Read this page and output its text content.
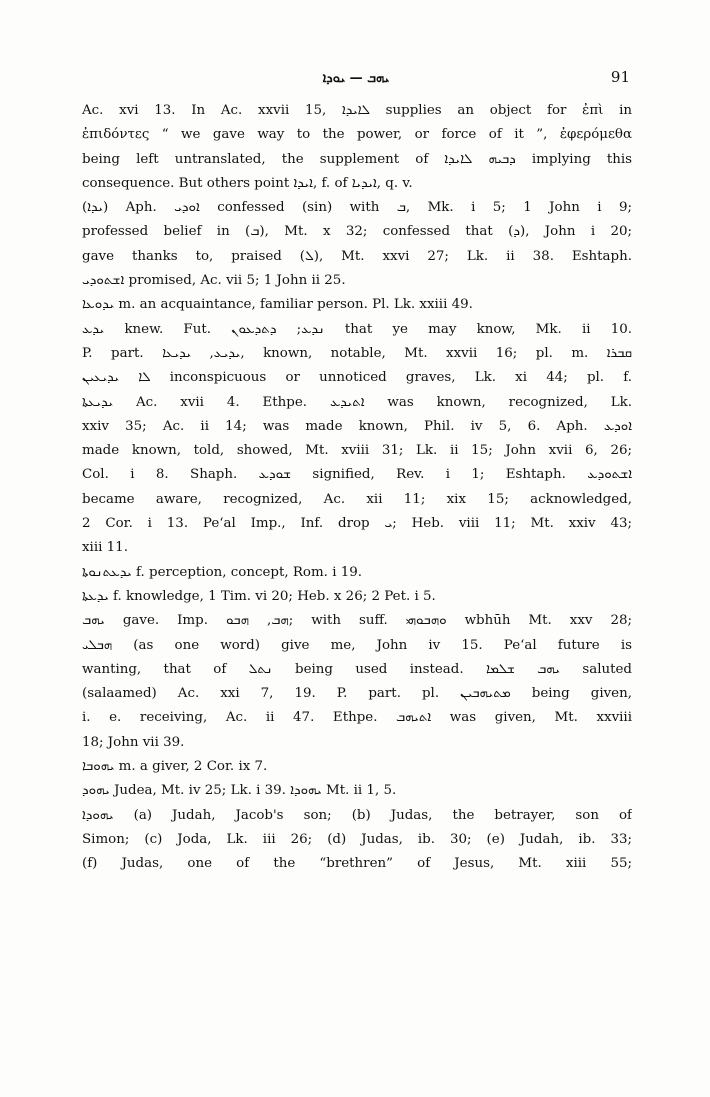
ܝܗܒ — ܝܘܕܐ	91
Ac. xvi 13. In Ac. xxvii 15, ܠܐܝܕܐ supplies an object for ἐπὶ in
ἐπιδόντες “ we gave way to the power, or force of it ”, ἐφερόμεθα
being left untranslated, the supplement of ܕܒܝܗ ܠܐܝܕܐ implying this
consequence. But others point ܐܝܕܐ, f. of ܐܝܕܝܐ, q. v.
(ܝܕܐ) Aph. ܐܘܕܝ confessed (sin) with ܒ, Mk. i 5; 1 John i 9;
professed belief in (ܒ), Mt. x 32; confessed that (ܕ), John i 20;
gave thanks to, praised (ܠ), Mt. xxvi 27; Lk. ii 38. Eshtaph.
ܐܫܬܘܕܝ promised, Ac. vii 5; 1 John ii 25.
ܝܕܘܥܐ m. an acquaintance, familiar person. Pl. Lk. xxiii 49.
ܝܕܥ knew. Fut. ܢܕܥ; ܕܬܕܥܘܢ that ye may know, Mk. ii 10.
P. part. ܝܕܝܥ, ܝܕܝܥܐ, known, notable, Mt. xxvii 16; pl. m. ܩܒܪܐ
ܠܐ ܝܕܝܥܝܢ inconspicuous or unnoticed graves, Lk. xi 44; pl. f.
ܝܕܝܥܬܐ Ac. xvii 4. Ethpe. ܐܬܝܕܥ was known, recognized, Lk.
xxiv 35; Ac. ii 14; was made known, Phil. iv 5, 6. Aph. ܐܘܕܥ
made known, told, showed, Mt. xviii 31; Lk. ii 15; John xvii 6, 26;
Col. i 8. Shaph. ܫܘܕܥ signified, Rev. i 1; Eshtaph. ܐܫܬܘܕܥ
became aware, recognized, Ac. xii 11; xix 15; acknowledged,
2 Cor. i 13. Pe‘al Imp., Inf. drop ܝ; Heb. viii 11; Mt. xxiv 43;
xiii 11.
ܝܕܥܬܢܘܬܐ f. perception, concept, Rom. i 19.
ܝܕܥܬܐ f. knowledge, 1 Tim. vi 20; Heb. x 26; 2 Pet. i 5.
ܝܗܒ gave. Imp. ܗܒ, ܗܒܘ; with suff. ܘܗܒܘܗܝ wbhūh Mt. xxv 28;
ܗܒܠܝ (as one word) give me, John iv 15. Pe‘al future is
wanting, that of ܢܬܠ being used instead. ܝܗܒ ܫܠܡܐ saluted
(salaamed) Ac. xxi 7, 19. P. part. pl. ܡܬܝܗܒܝܢ being given,
i. e. receiving, Ac. ii 47. Ethpe. ܐܬܝܗܒ was given, Mt. xxviii
18; John vii 39.
ܝܗܘܒܐ m. a giver, 2 Cor. ix 7.
ܝܗܘܕ Judea, Mt. iv 25; Lk. i 39. ܝܗܘܕܐ Mt. ii 1, 5.
ܝܗܘܕܐ (a) Judah, Jacob's son; (b) Judas, the betrayer, son of
Simon; (c) Joda, Lk. iii 26; (d) Judas, ib. 30; (e) Judah, ib. 33;
(f) Judas, one of the “brethren” of Jesus, Mt. xiii 55;
